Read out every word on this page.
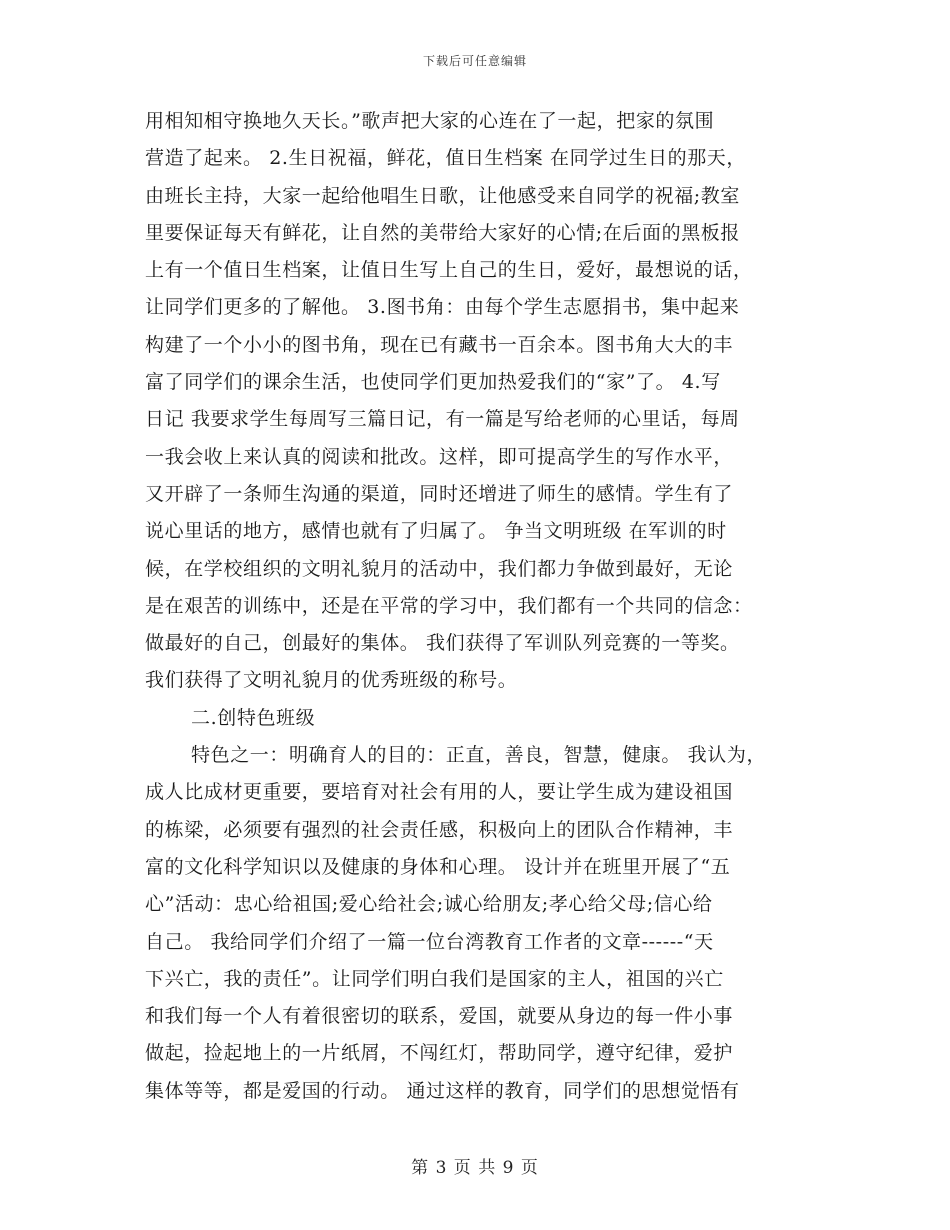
下载后可任意编辑
用相知相守换地久天长。”歌声把大家的心连在了一起，把家的氛围
营造了起来。 2.生日祝福，鲜花，值日生档案 在同学过生日的那天，
由班长主持，大家一起给他唱生日歌，让他感受来自同学的祝福;教室
里要保证每天有鲜花，让自然的美带给大家好的心情;在后面的黑板报
上有一个值日生档案，让值日生写上自己的生日，爱好，最想说的话，
让同学们更多的了解他。 3.图书角：由每个学生志愿捐书，集中起来
构建了一个小小的图书角，现在已有藏书一百余本。图书角大大的丰
富了同学们的课余生活，也使同学们更加热爱我们的“家”了。 4.写
日记 我要求学生每周写三篇日记，有一篇是写给老师的心里话，每周
一我会收上来认真的阅读和批改。这样，即可提高学生的写作水平，
又开辟了一条师生沟通的渠道，同时还增进了师生的感情。学生有了
说心里话的地方，感情也就有了归属了。 争当文明班级 在军训的时
候，在学校组织的文明礼貌月的活动中，我们都力争做到最好，无论
是在艰苦的训练中，还是在平常的学习中，我们都有一个共同的信念：
做最好的自己，创最好的集体。 我们获得了军训队列竞赛的一等奖。
我们获得了文明礼貌月的优秀班级的称号。
二.创特色班级
特色之一：明确育人的目的：正直，善良，智慧，健康。 我认为，
成人比成材更重要，要培育对社会有用的人，要让学生成为建设祖国
的栋梁，必须要有强烈的社会责任感，积极向上的团队合作精神，丰
富的文化科学知识以及健康的身体和心理。 设计并在班里开展了“五
心”活动：忠心给祖国;爱心给社会;诚心给朋友;孝心给父母;信心给
自己。 我给同学们介绍了一篇一位台湾教育工作者的文章------“天
下兴亡，我的责任”。让同学们明白我们是国家的主人，祖国的兴亡
和我们每一个人有着很密切的联系，爱国，就要从身边的每一件小事
做起，捡起地上的一片纸屑，不闯红灯，帮助同学，遵守纪律，爱护
集体等等，都是爱国的行动。 通过这样的教育，同学们的思想觉悟有
第 3 页 共 9 页
